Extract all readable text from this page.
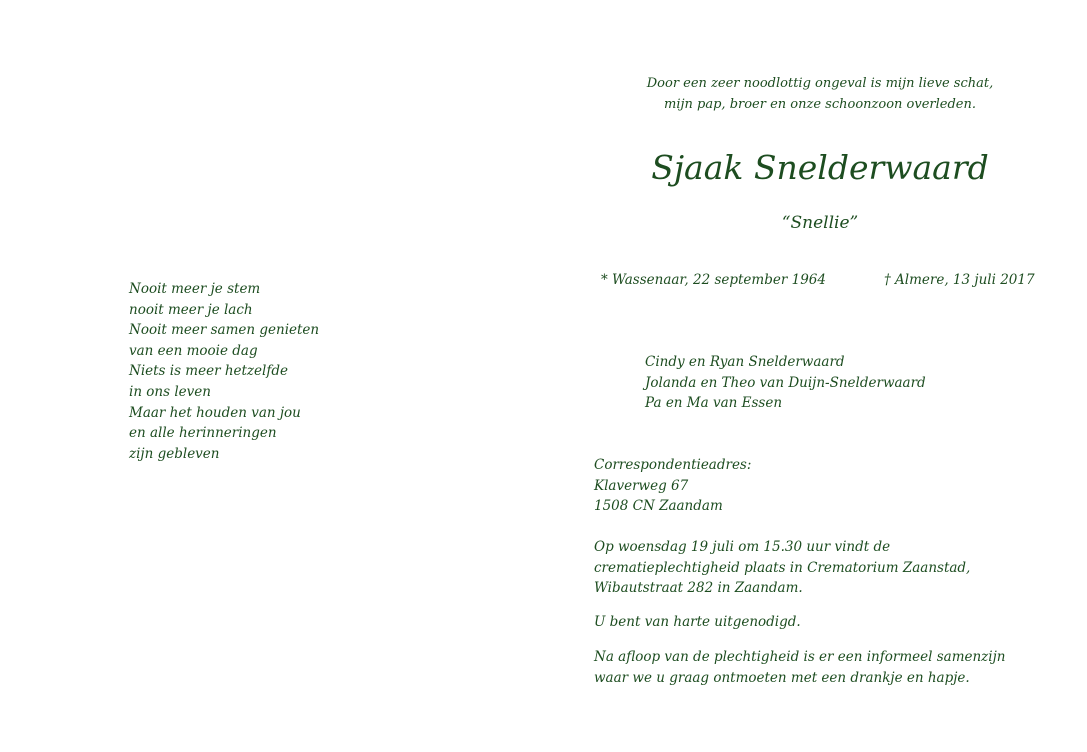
Nooit meer je stem
nooit meer je lach
Nooit meer samen genieten
van een mooie dag
Niets is meer hetzelfde
in ons leven
Maar het houden van jou
en alle herinneringen
zijn gebleven
Door een zeer noodlottig ongeval is mijn lieve schat,
mijn pap, broer en onze schoonzoon overleden.
Sjaak Snelderwaard
“Snellie”
* Wassenaar, 22 september 1964	† Almere, 13 juli 2017
Cindy en Ryan Snelderwaard
Jolanda en Theo van Duijn-Snelderwaard
Pa en Ma van Essen
Correspondentieadres:
Klaverweg 67
1508 CN Zaandam
Op woensdag 19 juli om 15.30 uur vindt de
crematieplechtigheid plaats in Crematorium Zaanstad,
Wibautstraat 282 in Zaandam.
U bent van harte uitgenodigd.
Na afloop van de plechtigheid is er een informeel samenzijn
waar we u graag ontmoeten met een drankje en hapje.
